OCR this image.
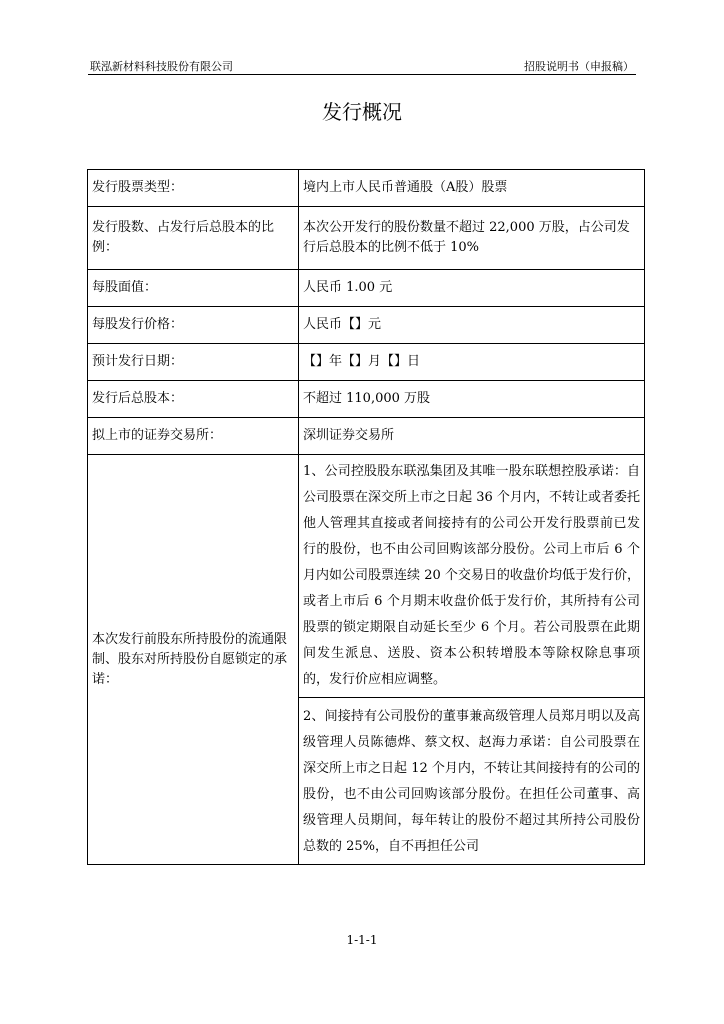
联泓新材料科技股份有限公司	招股说明书（申报稿）
发行概况
发行股票类型：	境内上市人民币普通股（A股）股票
发行股数、占发行后总股本的比例：	本次公开发行的股份数量不超过 22,000 万股，占公司发行后总股本的比例不低于 10%
每股面值：	人民币 1.00 元
每股发行价格：	人民币【】元
预计发行日期：	【】年【】月【】日
发行后总股本：	不超过 110,000 万股
拟上市的证券交易所：	深圳证券交易所
本次发行前股东所持股份的流通限制、股东对所持股份自愿锁定的承诺：	1、公司控股股东联泓集团及其唯一股东联想控股承诺：自公司股票在深交所上市之日起 36 个月内，不转让或者委托他人管理其直接或者间接持有的公司公开发行股票前已发行的股份，也不由公司回购该部分股份。公司上市后 6 个月内如公司股票连续 20 个交易日的收盘价均低于发行价，或者上市后 6 个月期末收盘价低于发行价，其所持有公司股票的锁定期限自动延长至少 6 个月。若公司股票在此期间发生派息、送股、资本公积转增股本等除权除息事项的，发行价应相应调整。
2、间接持有公司股份的董事兼高级管理人员郑月明以及高级管理人员陈德烨、蔡文权、赵海力承诺：自公司股票在深交所上市之日起 12 个月内，不转让其间接持有的公司的股份，也不由公司回购该部分股份。在担任公司董事、高级管理人员期间，每年转让的股份不超过其所持公司股份总数的 25%，自不再担任公司
1-1-1
